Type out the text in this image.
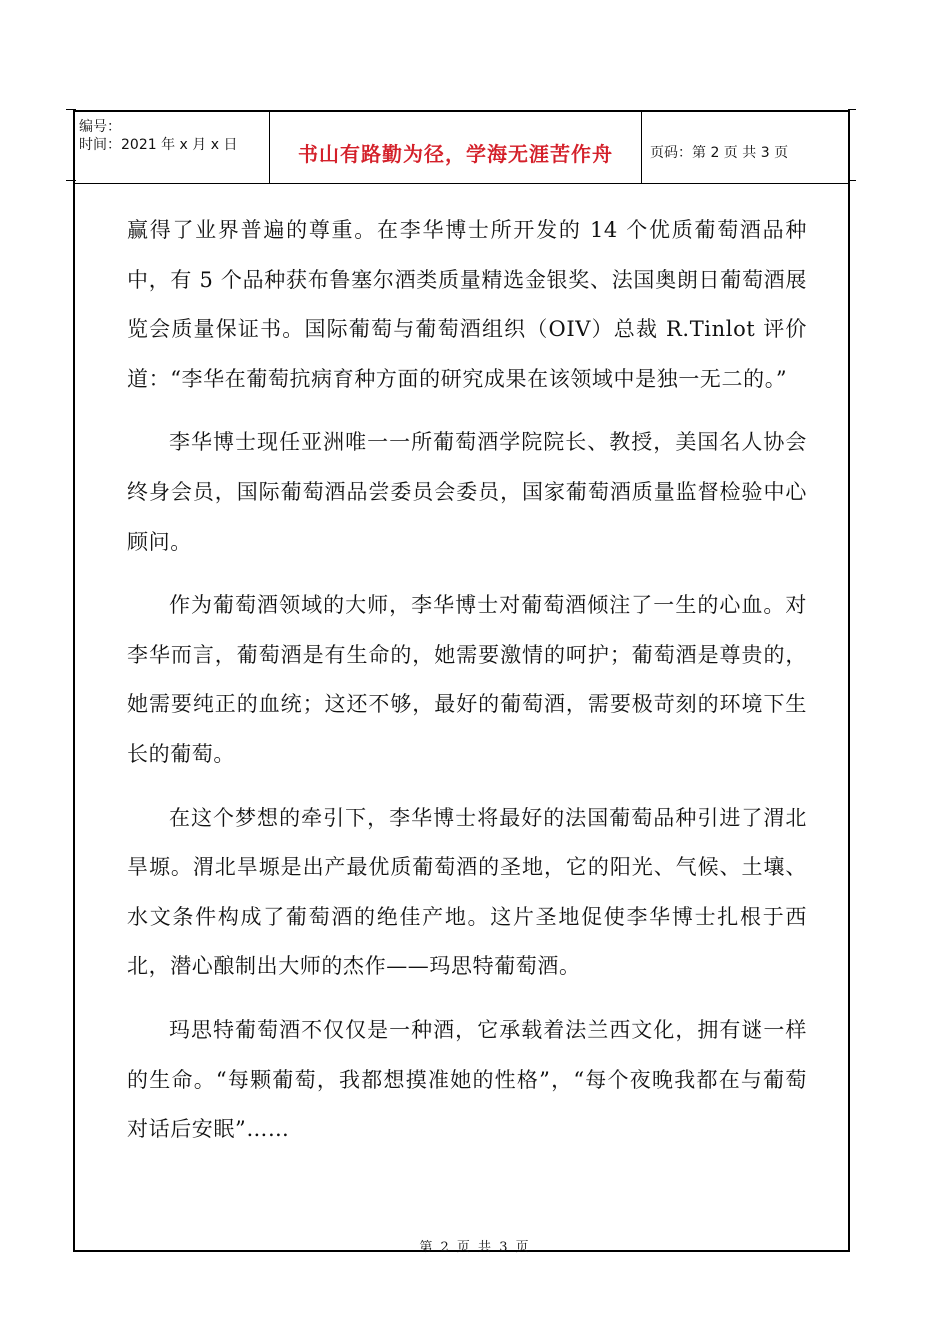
编号：
时间：2021 年 x 月 x 日	书山有路勤为径，学海无涯苦作舟	页码：第 2 页 共 3 页

赢得了业界普遍的尊重。在李华博士所开发的 14 个优质葡萄酒品种中，有 5 个品种获布鲁塞尔酒类质量精选金银奖、法国奥朗日葡萄酒展览会质量保证书。国际葡萄与葡萄酒组织（OIV）总裁 R.Tinlot 评价道：“李华在葡萄抗病育种方面的研究成果在该领域中是独一无二的。”

李华博士现任亚洲唯一一所葡萄酒学院院长、教授，美国名人协会终身会员，国际葡萄酒品尝委员会委员，国家葡萄酒质量监督检验中心顾问。

作为葡萄酒领域的大师，李华博士对葡萄酒倾注了一生的心血。对李华而言，葡萄酒是有生命的，她需要激情的呵护；葡萄酒是尊贵的，她需要纯正的血统；这还不够，最好的葡萄酒，需要极苛刻的环境下生长的葡萄。

在这个梦想的牵引下，李华博士将最好的法国葡萄品种引进了渭北旱塬。渭北旱塬是出产最优质葡萄酒的圣地，它的阳光、气候、土壤、水文条件构成了葡萄酒的绝佳产地。这片圣地促使李华博士扎根于西北，潜心酿制出大师的杰作——玛思特葡萄酒。

玛思特葡萄酒不仅仅是一种酒，它承载着法兰西文化，拥有谜一样的生命。“每颗葡萄，我都想摸准她的性格”，“每个夜晚我都在与葡萄对话后安眠”……

第 2 页 共 3 页
